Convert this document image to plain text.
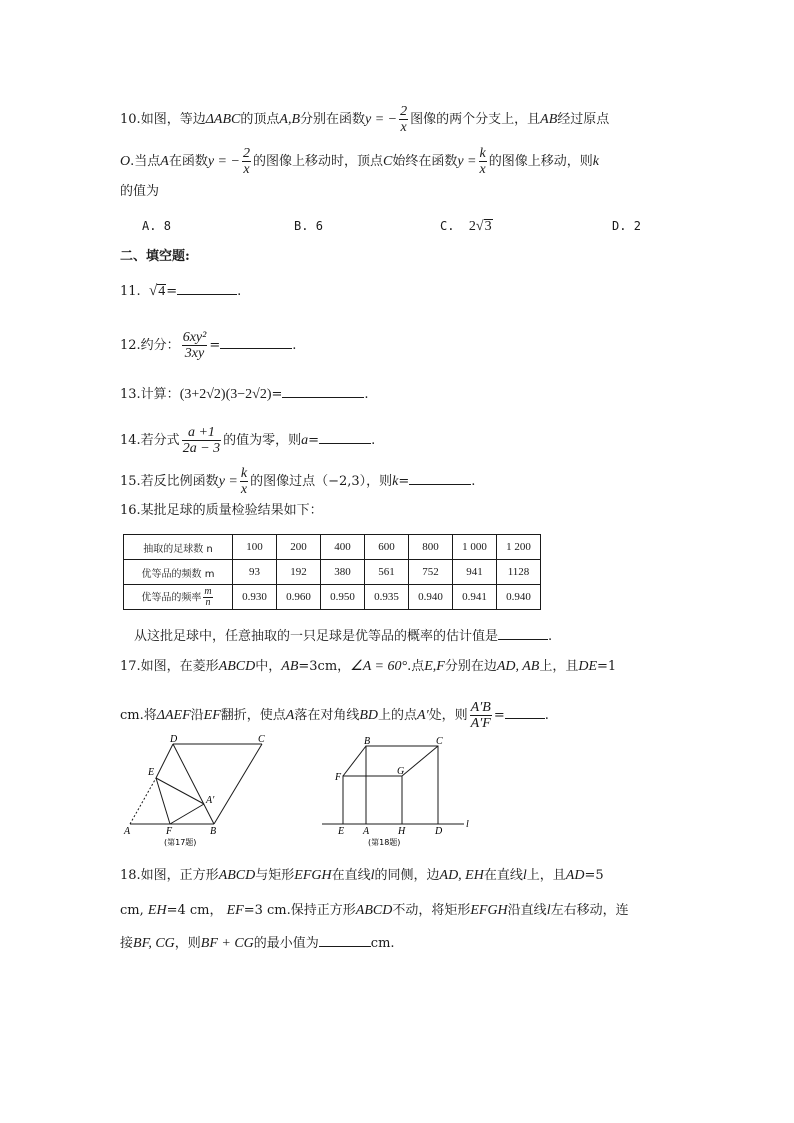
10.如图，等边ΔABC的顶点A,B分别在函数y = − $\frac{2}{x}$ 图像的两个分支上，且AB经过原点
O.当点A在函数y = − $\frac{2}{x}$ 的图像上移动时，顶点C始终在函数$y = \frac{k}{x}$ 的图像上移动，则k
的值为
A. 8	B. 6	C. 2√3	D. 2
二、填空题:
11. √4=	.
12.约分： $\frac{\text{6xy²}}{3xy}$ =	.
13.计算：(3+2√2)(3−2√2)=	.
14.若分式 $\frac{a +1}{2a - 3}$ 的值为零，则a=	.
15.若反比例函数$y = \frac{k}{x}$ 的图像过点（−2,3），则k=	.
16.某批足球的质量检验结果如下：
抽取的足球数 n	100	200	400	600	800	1 000	1 200
优等品的频数 m	93	192	380	561	752	941	1128
优等品的频率 $\frac{m}{n}$	0.930	0.960	0.950	0.935	0.940	0.941	0.940
从这批足球中，任意抽取的一只足球是优等品的概率的估计值是	.
17.如图，在菱形ABCD中，AB=3cm，∠A = 60°.点E,F分别在边AD, AB上，且DE=1
cm.将ΔAEF沿EF翻折，使点A落在对角线BD上的点A′处，则 $\frac{A'B}{A'F}$ =	.
D	C
E
A′
A	F	B
(第17题)
B	C
F
G
E A	H	D
l
(第18题)
18.如图，正方形ABCD与矩形EFGH在直线l的同侧，边AD, EH在直线l上，且AD=5
cm, EH=4 cm， EF=3 cm.保持正方形ABCD不动，将矩形EFGH沿直线l左右移动，连
接BF, CG，则BF + CG的最小值为	cm.
